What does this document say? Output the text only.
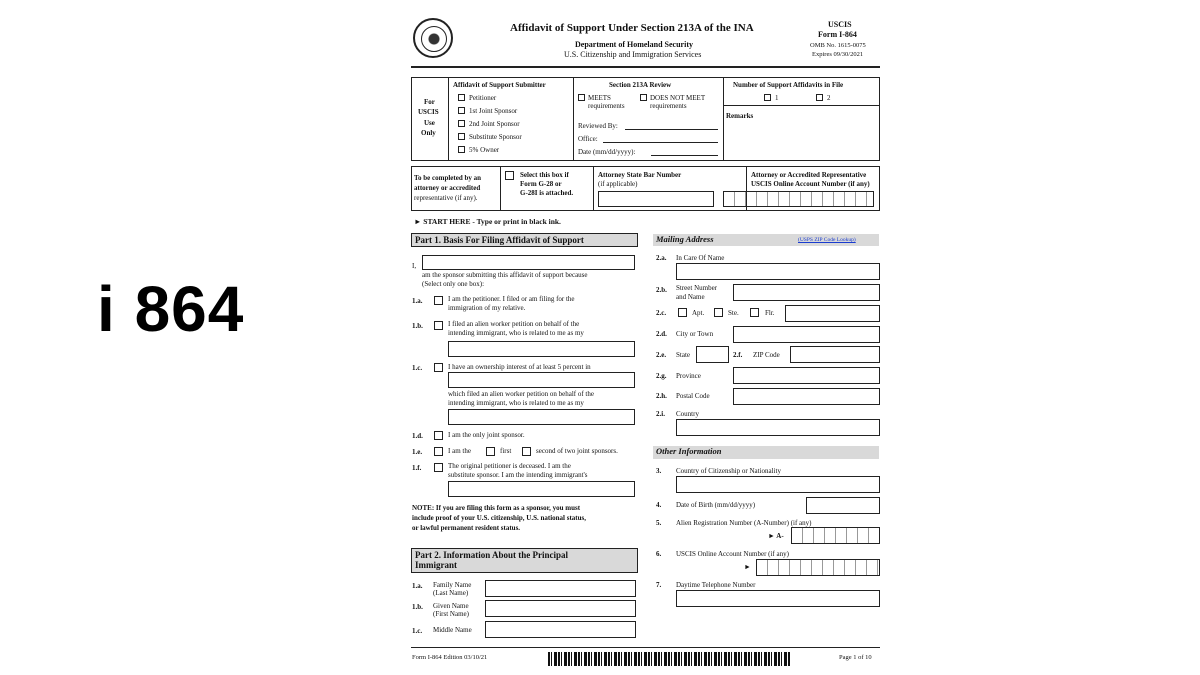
i 864
Affidavit of Support Under Section 213A of the INA
Department of Homeland Security
U.S. Citizenship and Immigration Services
USCIS
Form I-864
OMB No. 1615-0075
Expires 09/30/2021
For
USCIS
Use
Only
Affidavit of Support Submitter
Petitioner
1st Joint Sponsor
2nd Joint Sponsor
Substitute Sponsor
5% Owner
Section 213A Review
MEETS
requirements
DOES NOT MEET
requirements
Reviewed By:
Office:
Date (mm/dd/yyyy):
Number of Support Affidavits in File
1	2
Remarks
To be completed by an
attorney or accredited
representative (if any).
Select this box if
Form G-28 or
G-28I is attached.
Attorney State Bar Number
(if applicable)
Attorney or Accredited Representative
USCIS Online Account Number (if any)
► START HERE - Type or print in black ink.
Part 1. Basis For Filing Affidavit of Support
I,
am the sponsor submitting this affidavit of support because
(Select only one box):
1.a.	I am the petitioner. I filed or am filing for the
immigration of my relative.
1.b.	I filed an alien worker petition on behalf of the
intending immigrant, who is related to me as my
1.c.	I have an ownership interest of at least 5 percent in
which filed an alien worker petition on behalf of the
intending immigrant, who is related to me as my
1.d.	I am the only joint sponsor.
1.e.	I am the	first	second of two joint sponsors.
1.f.	The original petitioner is deceased. I am the
substitute sponsor. I am the intending immigrant's
NOTE: If you are filing this form as a sponsor, you must
include proof of your U.S. citizenship, U.S. national status,
or lawful permanent resident status.
Part 2. Information About the Principal
Immigrant
1.a. Family Name
(Last Name)
1.b. Given Name
(First Name)
1.c. Middle Name
Mailing Address	(USPS ZIP Code Lookup)
2.a. In Care Of Name
2.b. Street Number
and Name
2.c.	Apt.	Ste.	Flr.
2.d. City or Town
2.e. State	2.f. ZIP Code
2.g. Province
2.h. Postal Code
2.i. Country
Other Information
3. Country of Citizenship or Nationality
4. Date of Birth (mm/dd/yyyy)
5. Alien Registration Number (A-Number) (if any)
► A-
6. USCIS Online Account Number (if any)
►
7. Daytime Telephone Number
Form I-864 Edition 03/10/21	Page 1 of 10
